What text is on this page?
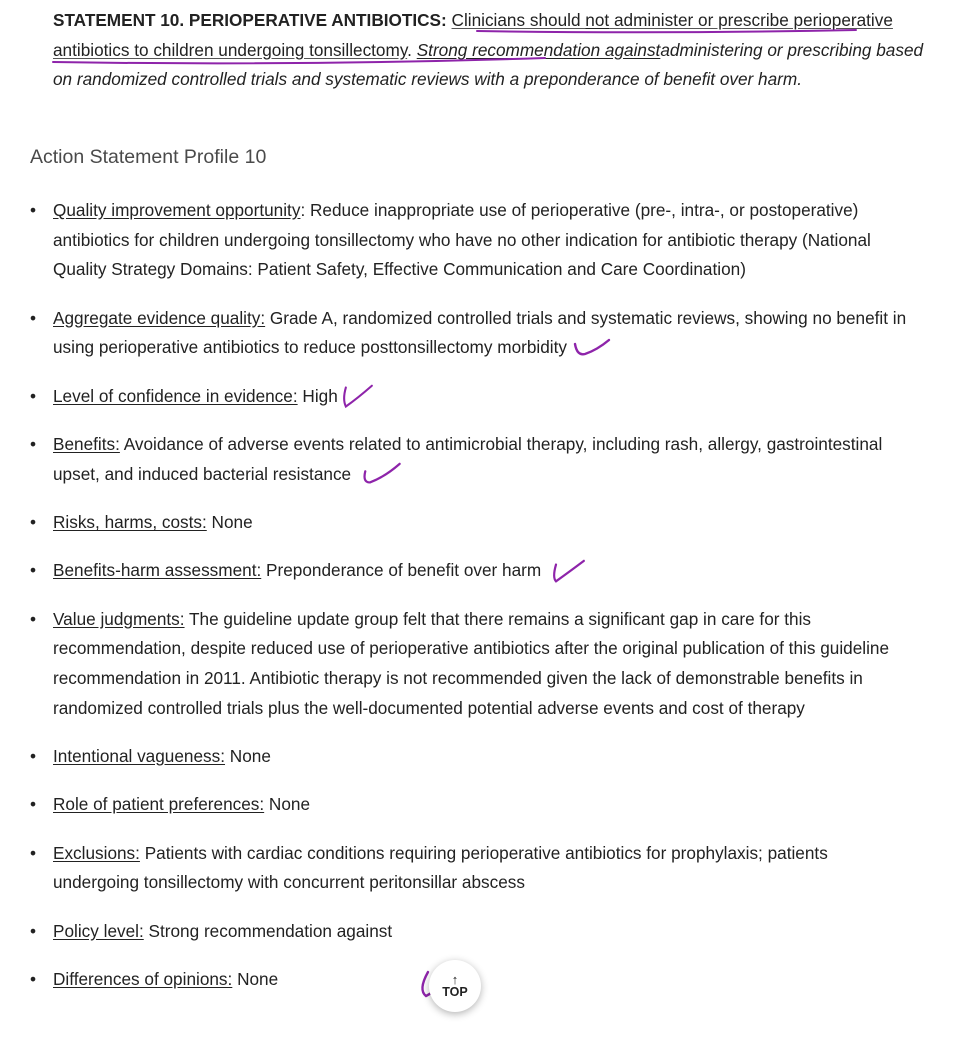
STATEMENT 10. PERIOPERATIVE ANTIBIOTICS: Clinicians should not administer or prescribe perioperative antibiotics to children undergoing tonsillectomy. Strong recommendation againstadministering or prescribing based on randomized controlled trials and systematic reviews with a preponderance of benefit over harm.

Action Statement Profile 10
• Quality improvement opportunity: Reduce inappropriate use of perioperative (pre-, intra-, or postoperative) antibiotics for children undergoing tonsillectomy who have no other indication for antibiotic therapy (National Quality Strategy Domains: Patient Safety, Effective Communication and Care Coordination)
• Aggregate evidence quality: Grade A, randomized controlled trials and systematic reviews, showing no benefit in using perioperative antibiotics to reduce posttonsillectomy morbidity
• Level of confidence in evidence: High
• Benefits: Avoidance of adverse events related to antimicrobial therapy, including rash, allergy, gastrointestinal upset, and induced bacterial resistance
• Risks, harms, costs: None
• Benefits-harm assessment: Preponderance of benefit over harm
• Value judgments: The guideline update group felt that there remains a significant gap in care for this recommendation, despite reduced use of perioperative antibiotics after the original publication of this guideline recommendation in 2011. Antibiotic therapy is not recommended given the lack of demonstrable benefits in randomized controlled trials plus the well-documented potential adverse events and cost of therapy
• Intentional vagueness: None
• Role of patient preferences: None
• Exclusions: Patients with cardiac conditions requiring perioperative antibiotics for prophylaxis; patients undergoing tonsillectomy with concurrent peritonsillar abscess
• Policy level: Strong recommendation against
• Differences of opinions: None	↑
TOP
